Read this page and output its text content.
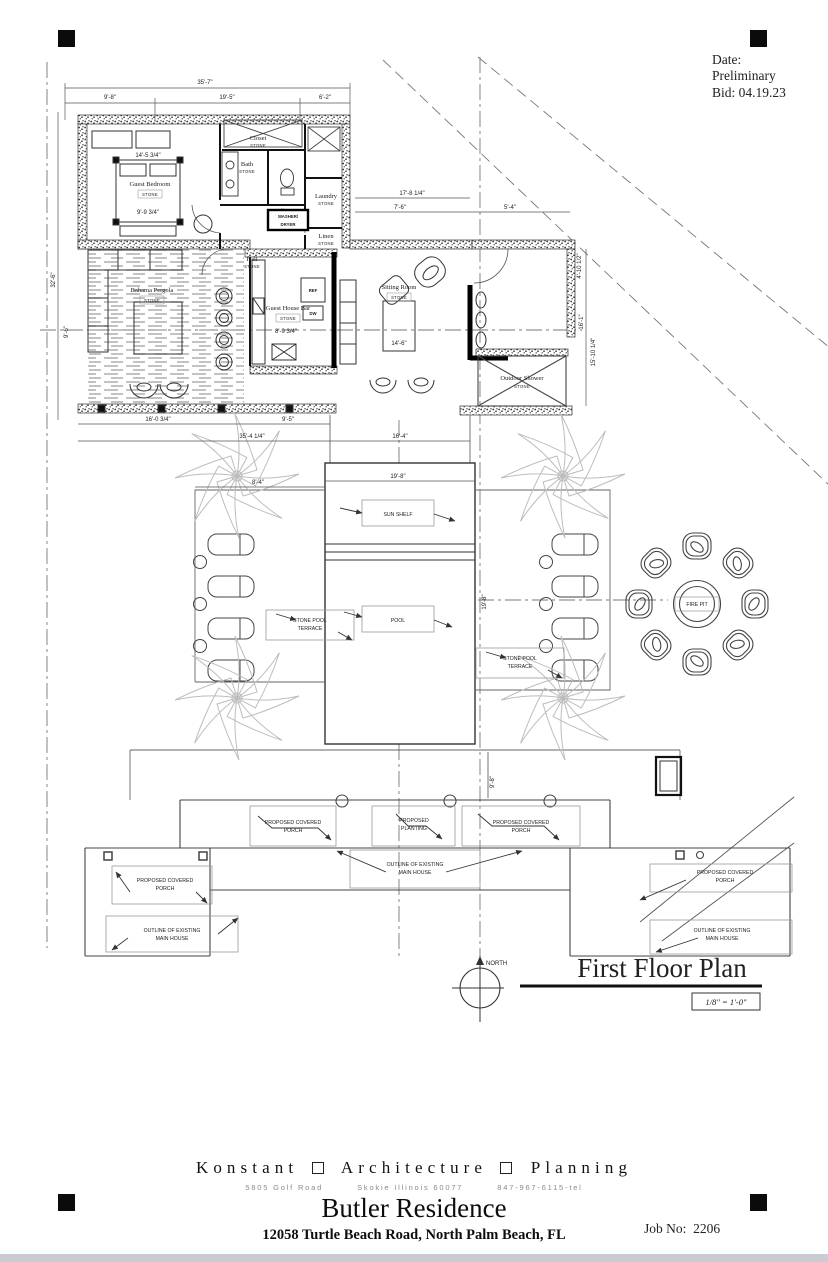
Date:
Preliminary
Bid: 04.19.23
WASHER/
DRYER
REF
DW
FIRE PIT
SUN SHELF
POOL
STONE POOL
TERRACE
STONE POOL
TERRACE
PROPOSED COVERED
PORCH
PROPOSED
PLANTING
PROPOSED COVERED
PORCH
OUTLINE OF EXISTING
MAIN HOUSE
PROPOSED COVERED
PORCH
OUTLINE OF EXISTING
MAIN HOUSE
PROPOSED COVERED
PORCH
OUTLINE OF EXISTING
MAIN HOUSE
Guest Bedroom
STONE
Closet
STONE
Bath
STONE
Laundry
STONE
Linen
STONE
Hall
STONE
Guest House Bar
STONE
Sitting Room
STONE
Outdoor Shower
STONE
Bahama Pergola
STONE
35'-7"
9'-8"	19'-5"	6'-2"
17'-8 1/4"
7'-6"	5'-4"
32'-6"
9'-6"
14'-5 3/4"
9'-9 3/4"
16'-0 3/4"	9'-5"
35'-4 1/4"	16'-4"
4'-10 1/2"
16'-1"
15'-10 1/4"
8'-4"
19'-8"
19'-8"
9'-8"
8'-9 3/4"
14'-6"
NORTH	First Floor Plan
1/8" = 1'-0"
Konstant	Architecture	Planning
5805 Golf Road	Skokie Illinois 60077	847-967-6115-tel
Butler Residence
12058 Turtle Beach Road, North Palm Beach, FL	Job No: 2206
